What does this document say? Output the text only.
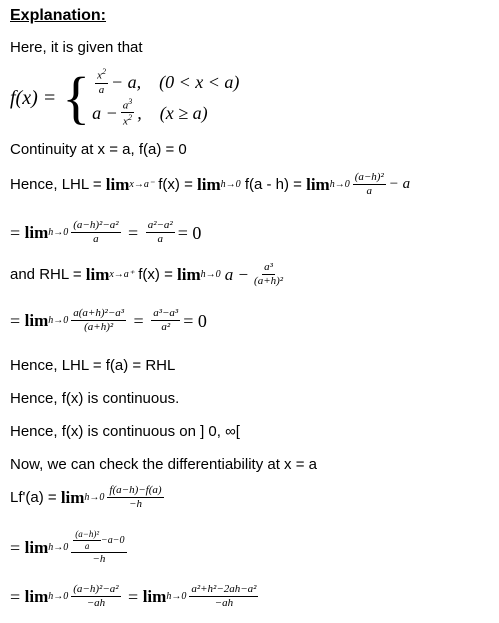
Explanation:
Here, it is given that
f(x) = { $\frac{x^2}{a} - a$, (0 < x < a)
$a - \frac{a^3}{x^2}$ , (x ≥ a)
Continuity at x = a, f(a) = 0
Hence, LHL =
lim x→a⁻
f(x) =
lim h→0
f(a - h) =
$\lim h\to 0 \frac{\text{(a−h)²}}{a} - a$
= $\lim h\to 0 \frac{\text{(a−h)²−a²}}{a} = \frac{\text{a²−a²}}{a} = 0$
and RHL =
lim x→a⁺
f(x) =
lim h→0
$a - \frac{\text{a³}}{\text{(a+h)²}}$
= $\lim h\to 0 \frac{\text{a(a+h)²−a³}}{\text{(a+h)²}} = \frac{\text{a³−a³}}{\text{a²}} = 0$
Hence, LHL = f(a) = RHL
Hence, f(x) is continuous.
Hence, f(x) is continuous on ] 0, ∞[
Now, we can check the differentiability at x = a
Lf'(a) =
$\lim h\to 0 \frac{f(a-h)-f(a)}{-h}$
= $\lim h\to 0 \frac{\frac{\text{(a−h)²}}{a} -a-0}{-h}$
= $\lim h\to 0 \frac{\text{(a−h)²−a²}}{-ah} = \lim h\to 0 \frac{\text{a²+h²−2ah−a²}}{-ah}$
